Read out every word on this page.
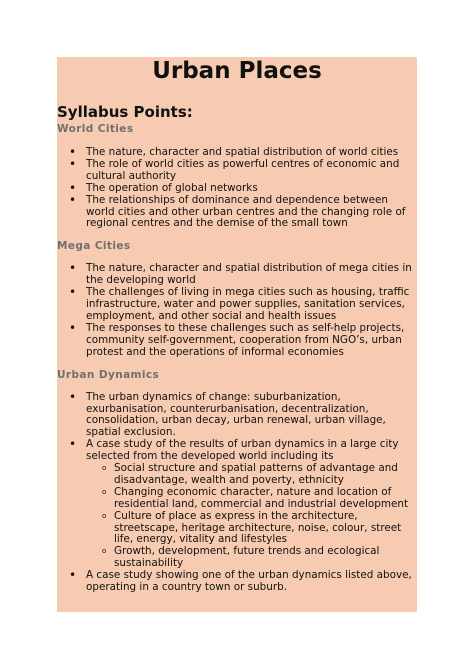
Urban Places
Syllabus Points:
World Cities
• The nature, character and spatial distribution of world cities
• The role of world cities as powerful centres of economic and cultural authority
• The operation of global networks
• The relationships of dominance and dependence between world cities and other urban centres and the changing role of regional centres and the demise of the small town
Mega Cities
• The nature, character and spatial distribution of mega cities in the developing world
• The challenges of living in mega cities such as housing, traffic infrastructure, water and power supplies, sanitation services, employment, and other social and health issues
• The responses to these challenges such as self-help projects, community self-government, cooperation from NGO’s, urban protest and the operations of informal economies
Urban Dynamics
• The urban dynamics of change: suburbanization, exurbanisation, counterurbanisation, decentralization, consolidation, urban decay, urban renewal, urban village, spatial exclusion.
• A case study of the results of urban dynamics in a large city selected from the developed world including its
o Social structure and spatial patterns of advantage and disadvantage, wealth and poverty, ethnicity
o Changing economic character, nature and location of residential land, commercial and industrial development
o Culture of place as express in the architecture, streetscape, heritage architecture, noise, colour, street life, energy, vitality and lifestyles
o Growth, development, future trends and ecological sustainability
• A case study showing one of the urban dynamics listed above, operating in a country town or suburb.
